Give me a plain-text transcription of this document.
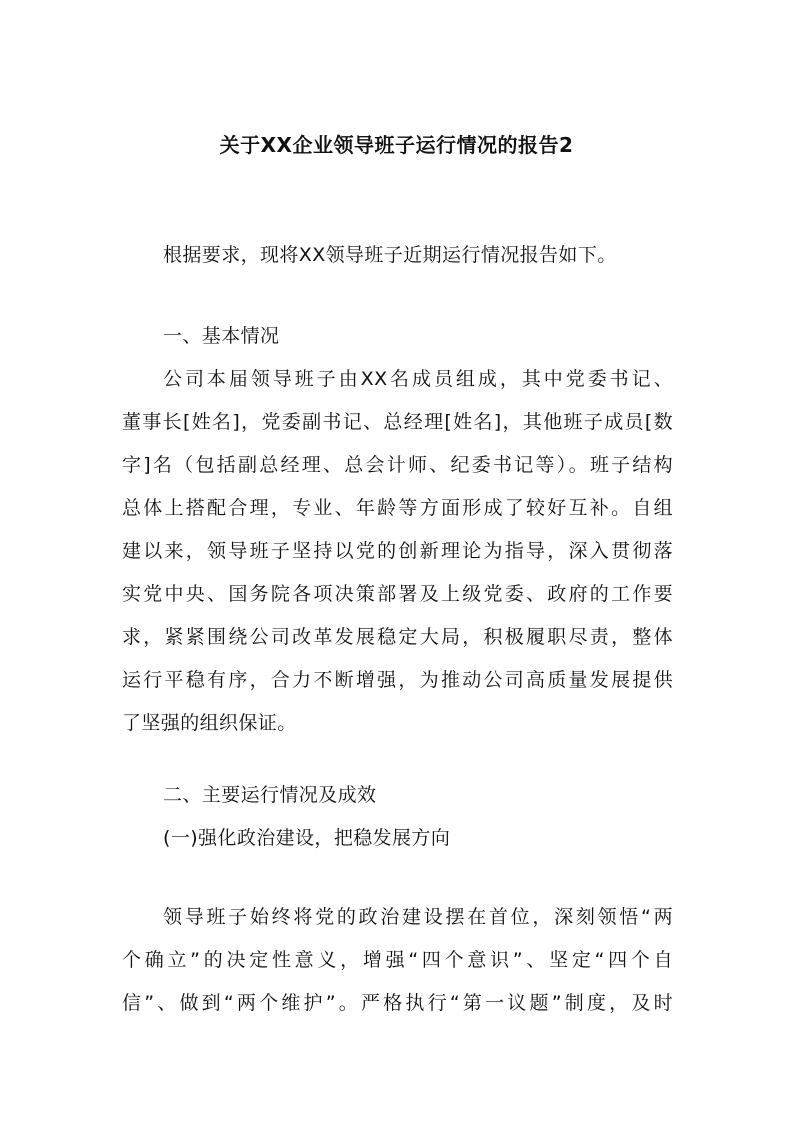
关于XX企业领导班子运行情况的报告2
根据要求，现将XX领导班子近期运行情况报告如下。
一、基本情况
公司本届领导班子由XX名成员组成，其中党委书记、
董事长[姓名]，党委副书记、总经理[姓名]，其他班子成员[数
字]名（包括副总经理、总会计师、纪委书记等）。班子结构
总体上搭配合理，专业、年龄等方面形成了较好互补。自组
建以来，领导班子坚持以党的创新理论为指导，深入贯彻落
实党中央、国务院各项决策部署及上级党委、政府的工作要
求，紧紧围绕公司改革发展稳定大局，积极履职尽责，整体
运行平稳有序，合力不断增强，为推动公司高质量发展提供
了坚强的组织保证。
二、主要运行情况及成效
(一)强化政治建设，把稳发展方向
领导班子始终将党的政治建设摆在首位，深刻领悟“两
个确立”的决定性意义，增强“四个意识”、坚定“四个自
信”、做到“两个维护”。严格执行“第一议题”制度，及时
